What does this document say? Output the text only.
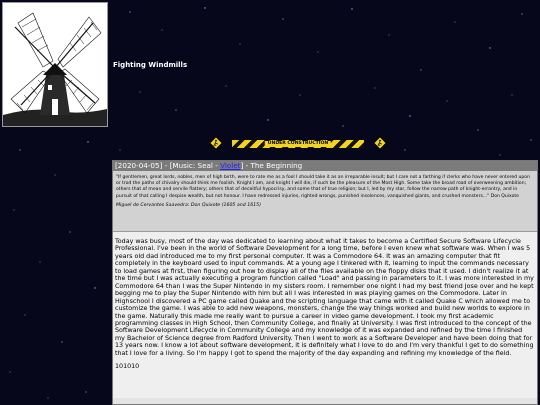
Fighting Windmills
UNDER CONSTRUCTION
[2020-04-05] - [Music: Seal - Violet] - The Beginning

"If gentlemen, great lords, nobles, men of high birth, were to rate me as a fool I should take it as an irreparable insult; but I care not a farthing if clerks who have never entered upon or trod the paths of chivalry should think me foolish. Knight I am, and knight I will die, if such be the pleasure of the Most High. Some take the broad road of overweening ambition; others that of mean and servile flattery; others that of deceitful hypocrisy, and some that of true religion; but I, led by my star, follow the narrow path of knight-errantry, and in pursuit of that calling I despise wealth, but not honour. I have redressed injuries, righted wrongs, punished insolences, vanquished giants, and crushed monsters..." Don Quixote

Miguel de Cervantes Saavedra: Don Quixote (1605 and 1615)

Today was busy, most of the day was dedicated to learning about what it takes to become a Certified Secure Software Lifecycle Professional. I've been in the world of Software Development for a long time, before I even knew what software was. When I was 5 years old dad introduced me to my first personal computer. It was a Commodore 64. It was an amazing computer that fit completely in the keyboard used to input commands. At a young age I tinkered with it, learning to input the commands necessary to load games at first, then figuring out how to display all of the files available on the floppy disks that it used. I didn't realize it at the time but I was actually executing a program function called "Load" and passing in parameters to it. I was more interested in my Commodore 64 than I was the Super Nintendo in my sisters room. I remember one night I had my best friend Jose over and he kept begging me to play the Super Nintendo with him but all I was interested in was playing games on the Commodore. Later in Highschool I discovered a PC game called Quake and the scripting language that came with it called Quake C which allowed me to customize the game. I was able to add new weapons, monsters, change the way things worked and build new worlds to explore in the game. Naturally this made me really want to pursue a career in video game development. I took my first academic programming classes in High School, then Community College, and finally at University. I was first introduced to the concept of the Software Development Lifecycle in Community College and my knowledge of it was expanded and refined by the time I finished my Bachelor of Science degree from Radford University. Then I went to work as a Software Developer and have been doing that for 13 years now. I know a lot about software development, it is definitely what I love to do and I'm very thankful I get to do something that I love for a living. So I'm happy I got to spend the majority of the day expanding and refining my knowledge of the field.

101010
